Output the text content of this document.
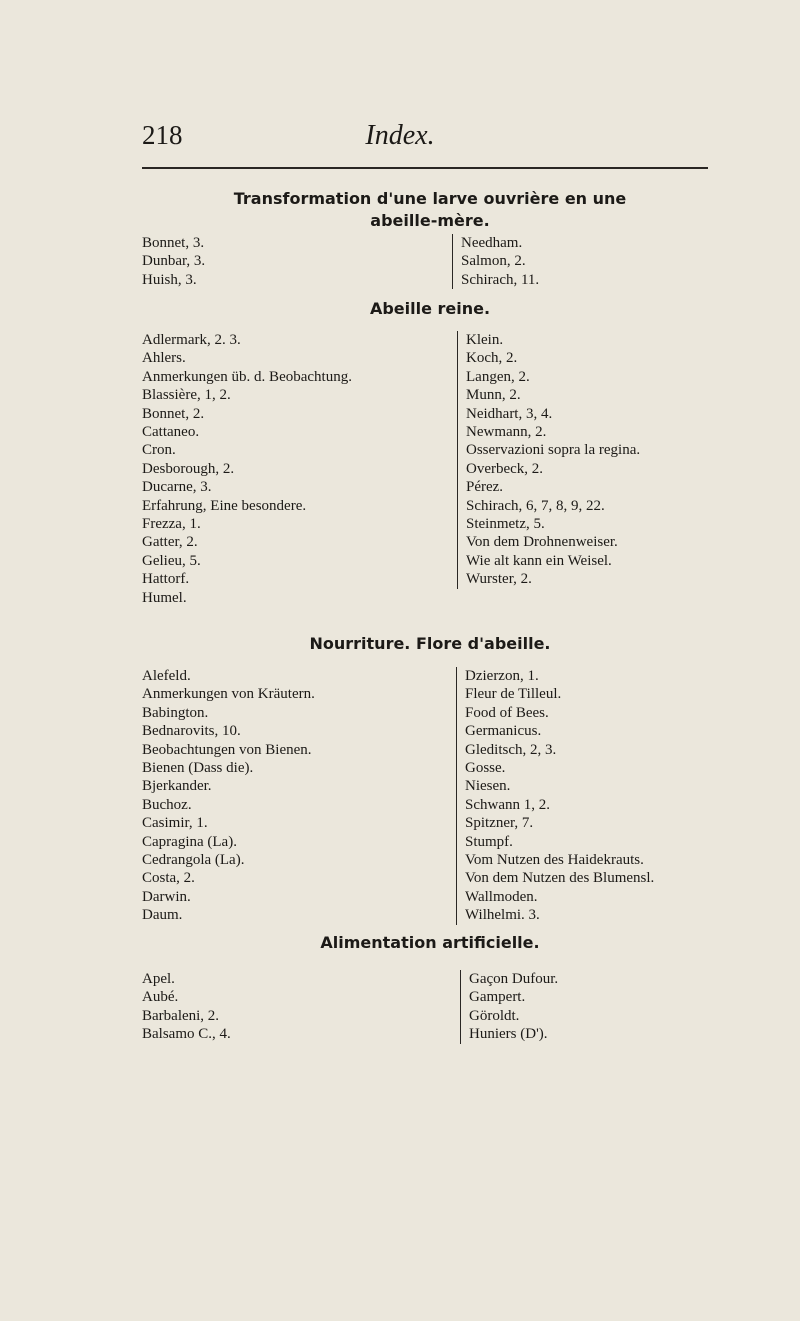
218	Index.
Transformation d'une larve ouvrière en une
abeille-mère.
Bonnet, 3.
Dunbar, 3.
Huish, 3.
Needham.
Salmon, 2.
Schirach, 11.
Abeille reine.
Adlermark, 2. 3.
Ahlers.
Anmerkungen üb. d. Beobachtung.
Blassière, 1, 2.
Bonnet, 2.
Cattaneo.
Cron.
Desborough, 2.
Ducarne, 3.
Erfahrung, Eine besondere.
Frezza, 1.
Gatter, 2.
Gelieu, 5.
Hattorf.
Humel.
Klein.
Koch, 2.
Langen, 2.
Munn, 2.
Neidhart, 3, 4.
Newmann, 2.
Osservazioni sopra la regina.
Overbeck, 2.
Pérez.
Schirach, 6, 7, 8, 9, 22.
Steinmetz, 5.
Von dem Drohnenweiser.
Wie alt kann ein Weisel.
Wurster, 2.
Nourriture. Flore d'abeille.
Alefeld.
Anmerkungen von Kräutern.
Babington.
Bednarovits, 10.
Beobachtungen von Bienen.
Bienen (Dass die).
Bjerkander.
Buchoz.
Casimir, 1.
Capragina (La).
Cedrangola (La).
Costa, 2.
Darwin.
Daum.
Dzierzon, 1.
Fleur de Tilleul.
Food of Bees.
Germanicus.
Gleditsch, 2, 3.
Gosse.
Niesen.
Schwann 1, 2.
Spitzner, 7.
Stumpf.
Vom Nutzen des Haidekrauts.
Von dem Nutzen des Blumensl.
Wallmoden.
Wilhelmi. 3.
Alimentation artificielle.
Apel.
Aubé.
Barbaleni, 2.
Balsamo C., 4.
Gaçon Dufour.
Gampert.
Göroldt.
Huniers (D').
